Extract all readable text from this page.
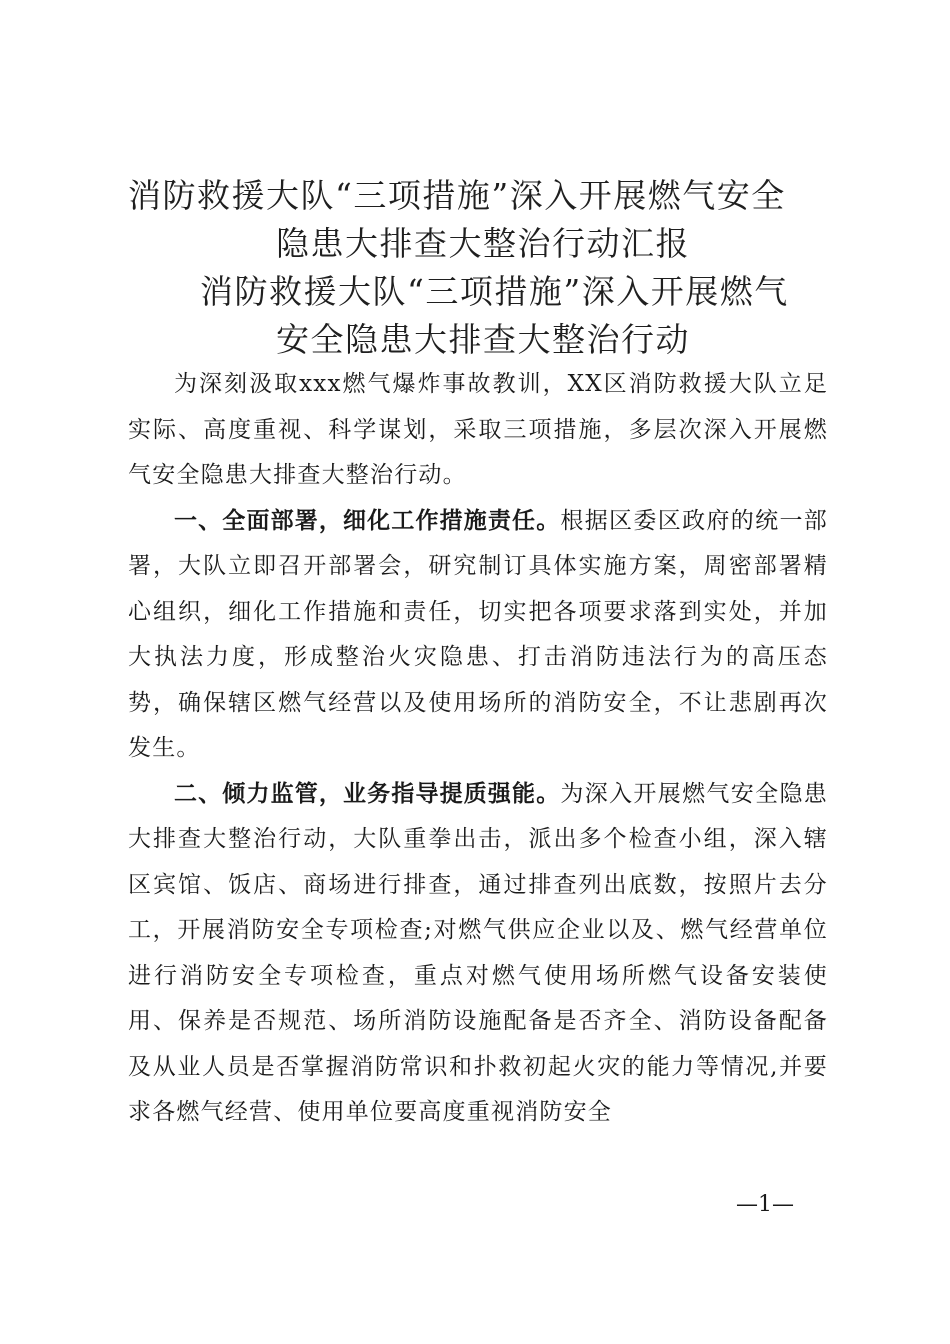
消防救援大队“三项措施”深入开展燃气安全
隐患大排查大整治行动汇报
消防救援大队“三项措施”深入开展燃气
安全隐患大排查大整治行动

为深刻汲取xxx燃气爆炸事故教训，XX区消防救援大队立足实际、高度重视、科学谋划，采取三项措施，多层次深入开展燃气安全隐患大排查大整治行动。

一、全面部署，细化工作措施责任。根据区委区政府的统一部署，大队立即召开部署会，研究制订具体实施方案，周密部署精心组织，细化工作措施和责任，切实把各项要求落到实处，并加大执法力度，形成整治火灾隐患、打击消防违法行为的高压态势，确保辖区燃气经营以及使用场所的消防安全，不让悲剧再次发生。

二、倾力监管，业务指导提质强能。为深入开展燃气安全隐患大排查大整治行动，大队重拳出击，派出多个检查小组，深入辖区宾馆、饭店、商场进行排查，通过排查列出底数，按照片去分工，开展消防安全专项检查;对燃气供应企业以及、燃气经营单位进行消防安全专项检查，重点对燃气使用场所燃气设备安装使用、保养是否规范、场所消防设施配备是否齐全、消防设备配备及从业人员是否掌握消防常识和扑救初起火灾的能力等情况,并要求各燃气经营、使用单位要高度重视消防安全

—1—
